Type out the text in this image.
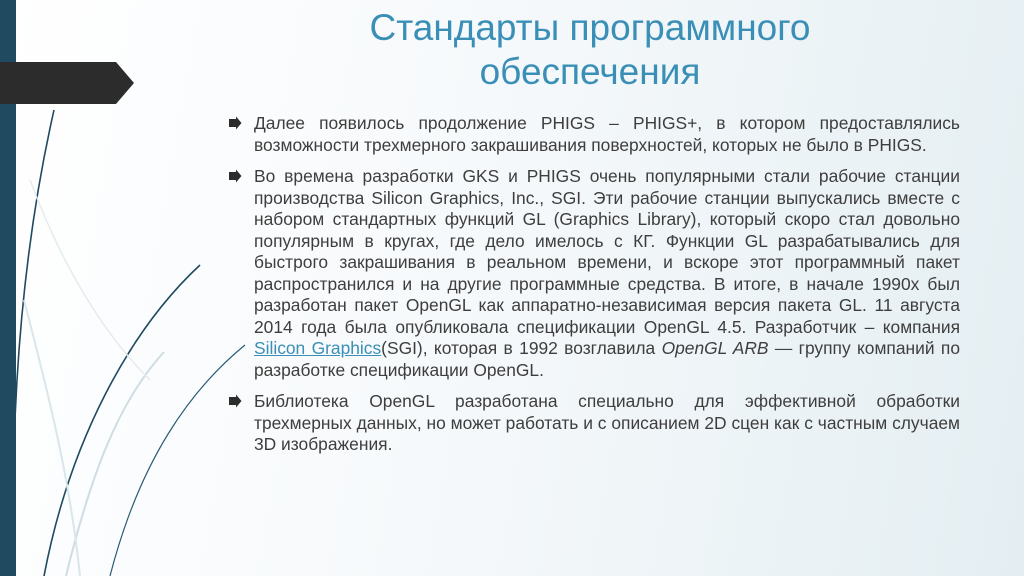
Стандарты программного
обеспечения

Далее появилось продолжение PHIGS – PHIGS+, в котором предоставлялись возможности трехмерного закрашивания поверхностей, которых не было в PHIGS.

Во времена разработки GKS и PHIGS очень популярными стали рабочие станции производства Silicon Graphics, Inc., SGI. Эти рабочие станции выпускались вместе с набором стандартных функций GL (Graphics Library), который скоро стал довольно популярным в кругах, где дело имелось с КГ. Функции GL разрабатывались для быстрого закрашивания в реальном времени, и вскоре этот программный пакет распространился и на другие программные средства. В итоге, в начале 1990х был разработан пакет OpenGL как аппаратно-независимая версия пакета GL. 11 августа 2014 года была опубликовала спецификации OpenGL 4.5. Разработчик – компания Silicon Graphics(SGI), которая в 1992 возглавила OpenGL ARB — группу компаний по разработке спецификации OpenGL.

Библиотека OpenGL разработана специально для эффективной обработки трехмерных данных, но может работать и с описанием 2D сцен как с частным случаем 3D изображения.
